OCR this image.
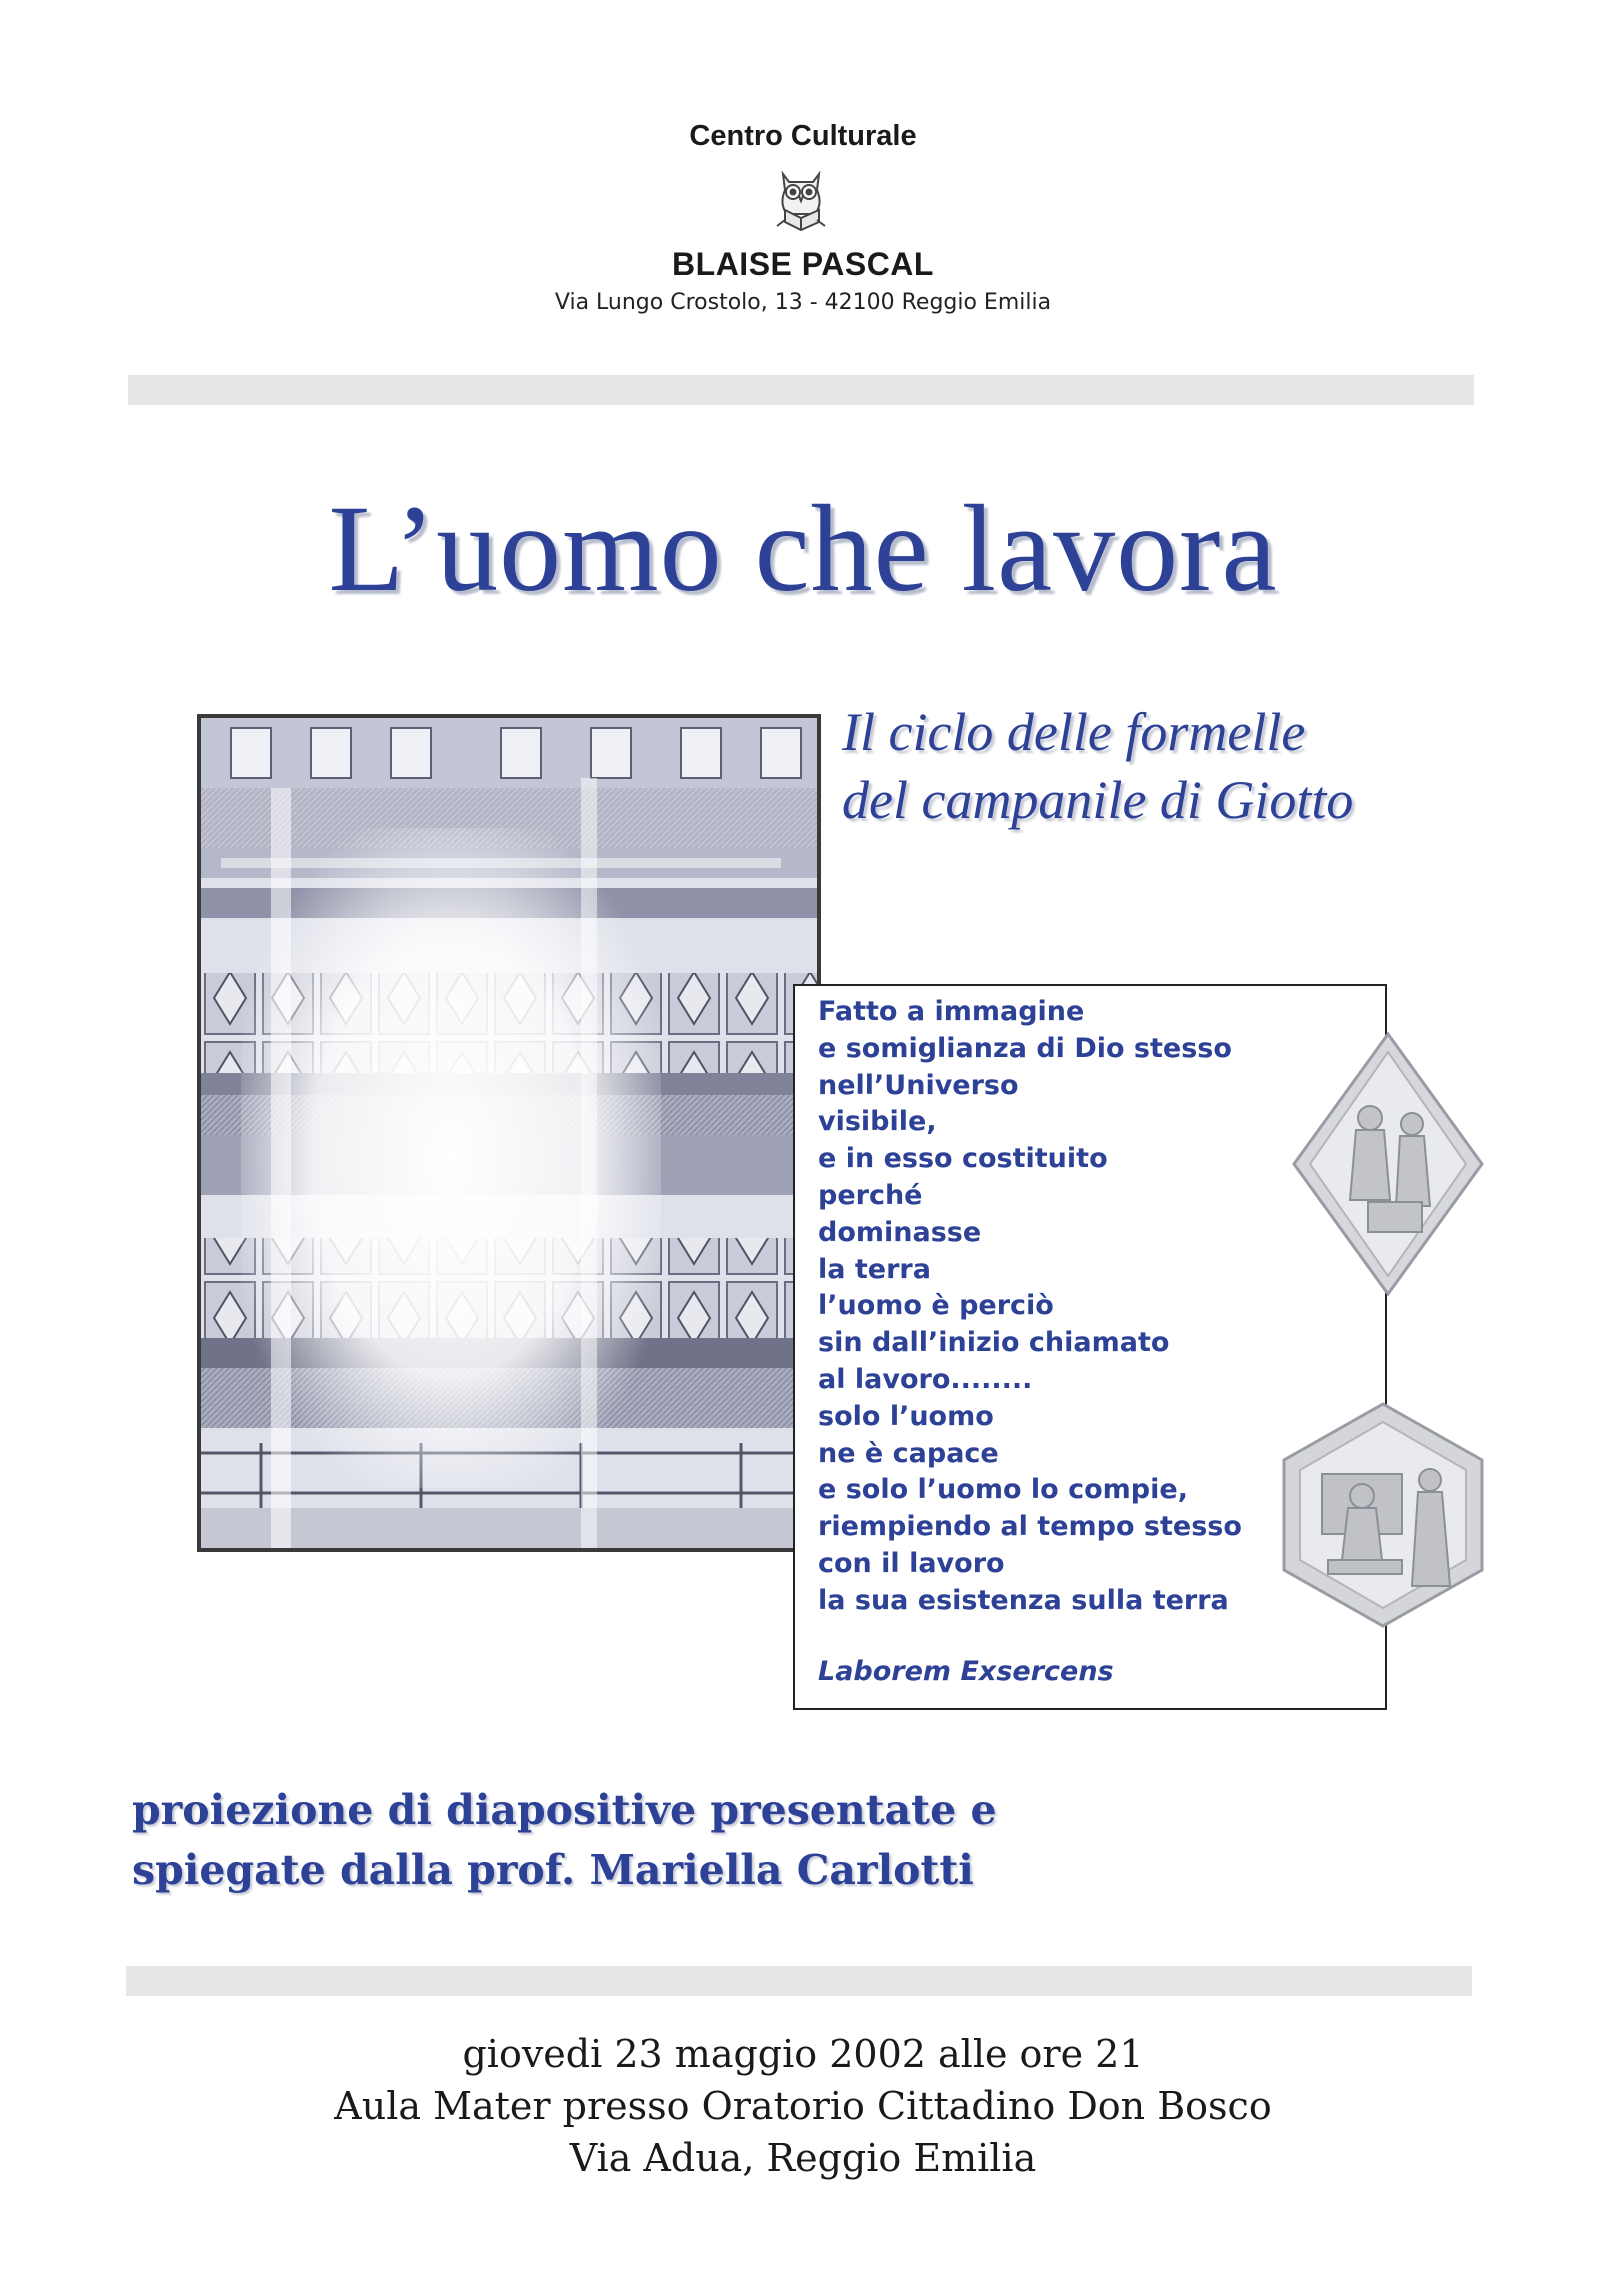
Centro Culturale
BLAISE PASCAL
Via Lungo Crostolo, 13 - 42100 Reggio Emilia
L’uomo che lavora
Il ciclo delle formelle
del campanile di Giotto
Fatto a immagine
e somiglianza di Dio stesso
nell’Universo
visibile,
e in esso costituito
perché
dominasse
la terra
l’uomo è perciò
sin dall’inizio chiamato
al lavoro........
solo l’uomo
ne è capace
e solo l’uomo lo compie,
riempiendo al tempo stesso
con il lavoro
la sua esistenza sulla terra
Laborem Exsercens
proiezione di diapositive presentate e
spiegate dalla prof. Mariella Carlotti
giovedi 23 maggio 2002 alle ore 21
Aula Mater presso Oratorio Cittadino Don Bosco
Via Adua, Reggio Emilia
